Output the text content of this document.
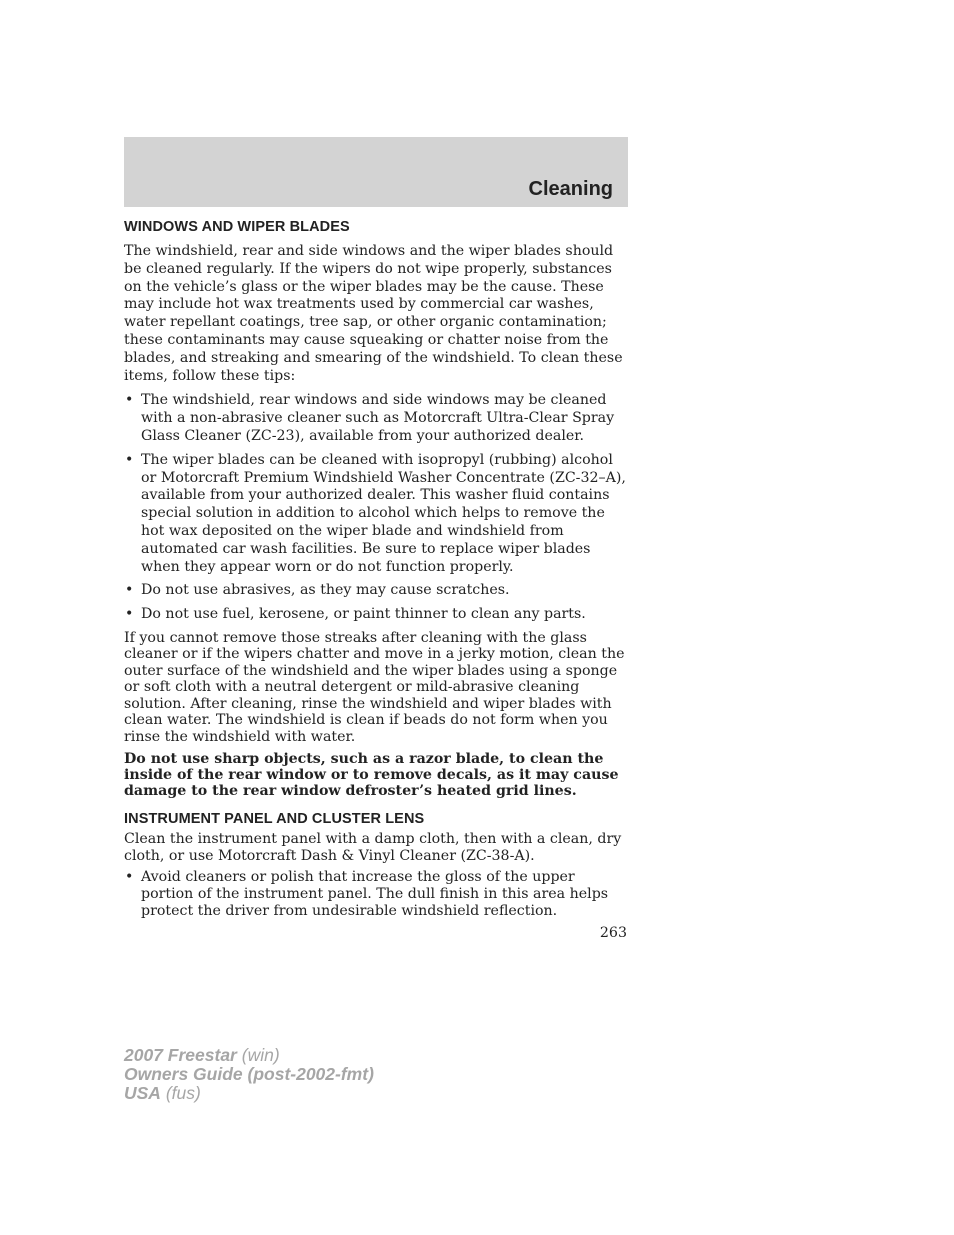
Cleaning
WINDOWS AND WIPER BLADES

The windshield, rear and side windows and the wiper blades should be cleaned regularly. If the wipers do not wipe properly, substances on the vehicle’s glass or the wiper blades may be the cause. These may include hot wax treatments used by commercial car washes, water repellant coatings, tree sap, or other organic contamination; these contaminants may cause squeaking or chatter noise from the blades, and streaking and smearing of the windshield. To clean these items, follow these tips:

• The windshield, rear windows and side windows may be cleaned with a non-abrasive cleaner such as Motorcraft Ultra-Clear Spray Glass Cleaner (ZC-23), available from your authorized dealer.
• The wiper blades can be cleaned with isopropyl (rubbing) alcohol or Motorcraft Premium Windshield Washer Concentrate (ZC-32–A), available from your authorized dealer. This washer fluid contains special solution in addition to alcohol which helps to remove the hot wax deposited on the wiper blade and windshield from automated car wash facilities. Be sure to replace wiper blades when they appear worn or do not function properly.
• Do not use abrasives, as they may cause scratches.
• Do not use fuel, kerosene, or paint thinner to clean any parts.

If you cannot remove those streaks after cleaning with the glass cleaner or if the wipers chatter and move in a jerky motion, clean the outer surface of the windshield and the wiper blades using a sponge or soft cloth with a neutral detergent or mild-abrasive cleaning solution. After cleaning, rinse the windshield and wiper blades with clean water. The windshield is clean if beads do not form when you rinse the windshield with water.

Do not use sharp objects, such as a razor blade, to clean the inside of the rear window or to remove decals, as it may cause damage to the rear window defroster’s heated grid lines.

INSTRUMENT PANEL AND CLUSTER LENS

Clean the instrument panel with a damp cloth, then with a clean, dry cloth, or use Motorcraft Dash & Vinyl Cleaner (ZC-38-A).

• Avoid cleaners or polish that increase the gloss of the upper portion of the instrument panel. The dull finish in this area helps protect the driver from undesirable windshield reflection.
263
2007 Freestar (win)
Owners Guide (post-2002-fmt)
USA (fus)
